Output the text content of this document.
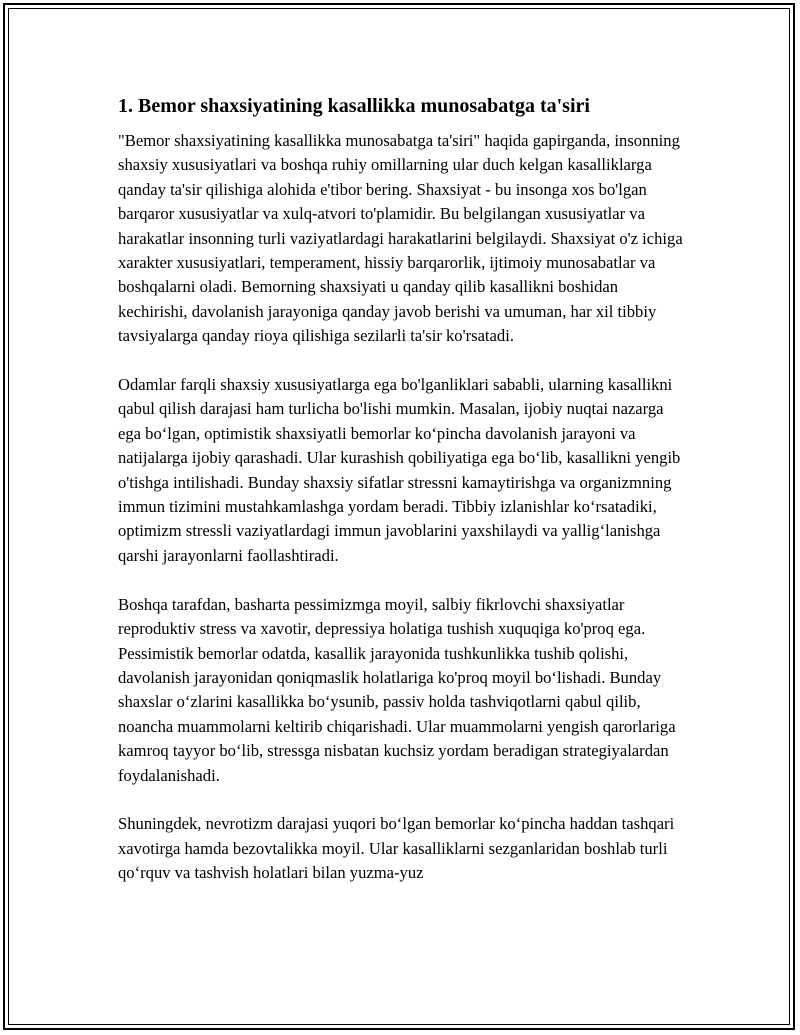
1. Bemor shaxsiyatining kasallikka munosabatga ta'siri

"Bemor shaxsiyatining kasallikka munosabatga ta'siri" haqida gapirganda, insonning shaxsiy xususiyatlari va boshqa ruhiy omillarning ular duch kelgan kasalliklarga qanday ta'sir qilishiga alohida e'tibor bering. Shaxsiyat - bu insonga xos bo'lgan barqaror xususiyatlar va xulq-atvori to'plamidir. Bu belgilangan xususiyatlar va harakatlar insonning turli vaziyatlardagi harakatlarini belgilaydi. Shaxsiyat o'z ichiga xarakter xususiyatlari, temperament, hissiy barqarorlik, ijtimoiy munosabatlar va boshqalarni oladi. Bemorning shaxsiyati u qanday qilib kasallikni boshidan kechirishi, davolanish jarayoniga qanday javob berishi va umuman, har xil tibbiy tavsiyalarga qanday rioya qilishiga sezilarli ta'sir ko'rsatadi.

Odamlar farqli shaxsiy xususiyatlarga ega bo'lganliklari sababli, ularning kasallikni qabul qilish darajasi ham turlicha bo'lishi mumkin. Masalan, ijobiy nuqtai nazarga ega bo‘lgan, optimistik shaxsiyatli bemorlar ko‘pincha davolanish jarayoni va natijalarga ijobiy qarashadi. Ular kurashish qobiliyatiga ega bo‘lib, kasallikni yengib o'tishga intilishadi. Bunday shaxsiy sifatlar stressni kamaytirishga va organizmning immun tizimini mustahkamlashga yordam beradi. Tibbiy izlanishlar ko‘rsatadiki, optimizm stressli vaziyatlardagi immun javoblarini yaxshilaydi va yallig‘lanishga qarshi jarayonlarni faollashtiradi.

Boshqa tarafdan, basharta pessimizmga moyil, salbiy fikrlovchi shaxsiyatlar reproduktiv stress va xavotir, depressiya holatiga tushish xuquqiga ko'proq ega. Pessimistik bemorlar odatda, kasallik jarayonida tushkunlikka tushib qolishi, davolanish jarayonidan qoniqmaslik holatlariga ko'proq moyil bo‘lishadi. Bunday shaxslar o‘zlarini kasallikka bo‘ysunib, passiv holda tashviqotlarni qabul qilib, noancha muammolarni keltirib chiqarishadi. Ular muammolarni yengish qarorlariga kamroq tayyor bo‘lib, stressga nisbatan kuchsiz yordam beradigan strategiyalardan foydalanishadi.

Shuningdek, nevrotizm darajasi yuqori bo‘lgan bemorlar ko‘pincha haddan tashqari xavotirga hamda bezovtalikka moyil. Ular kasalliklarni sezganlaridan boshlab turli qo‘rquv va tashvish holatlari bilan yuzma-yuz
